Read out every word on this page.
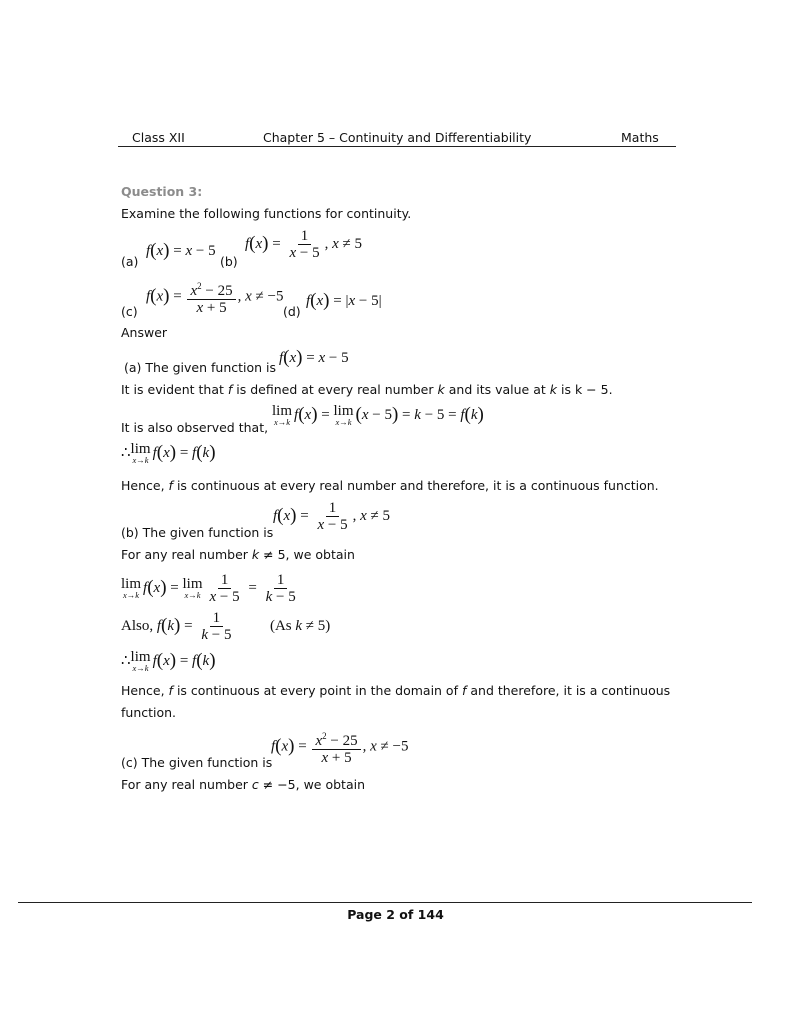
Class XII	Chapter 5 – Continuity and Differentiability	Maths
Question 3:
Examine the following functions for continuity.
(a)
f(x) = x − 5
(b)
$f(x) = \frac{1}{x - 5}$ , x ≠ 5
(c)
$f(x) = \frac{x^2 - 25}{x + 5}$ , x ≠ −5
(d)
f(x) = |x − 5|
Answer
(a) The given function is
f(x) = x − 5
It is evident that f is defined at every real number k and its value at k is k − 5.
It is also observed that,
lim
x→k f(x) = lim
x→k (x − 5) = k − 5 = f(k)
∴ lim
x→k f(x) = f(k)
Hence, f is continuous at every real number and therefore, it is a continuous function.
(b) The given function is
$f(x) = \frac{1}{x - 5}$ , x ≠ 5
For any real number k ≠ 5, we obtain
lim
x→k f(x) = lim
$x\to k \frac{1}{x - 5} = \frac{1}{k - 5}$
Also, $f(k) = \frac{1}{k - 5} (As$ k ≠ 5)
∴ lim
x→k f(x) = f(k)
Hence, f is continuous at every point in the domain of f and therefore, it is a continuous
function.
(c) The given function is
$f(x) = \frac{x^2 - 25}{x + 5}$ , x ≠ −5
For any real number c ≠ −5, we obtain
Page 2 of 144
